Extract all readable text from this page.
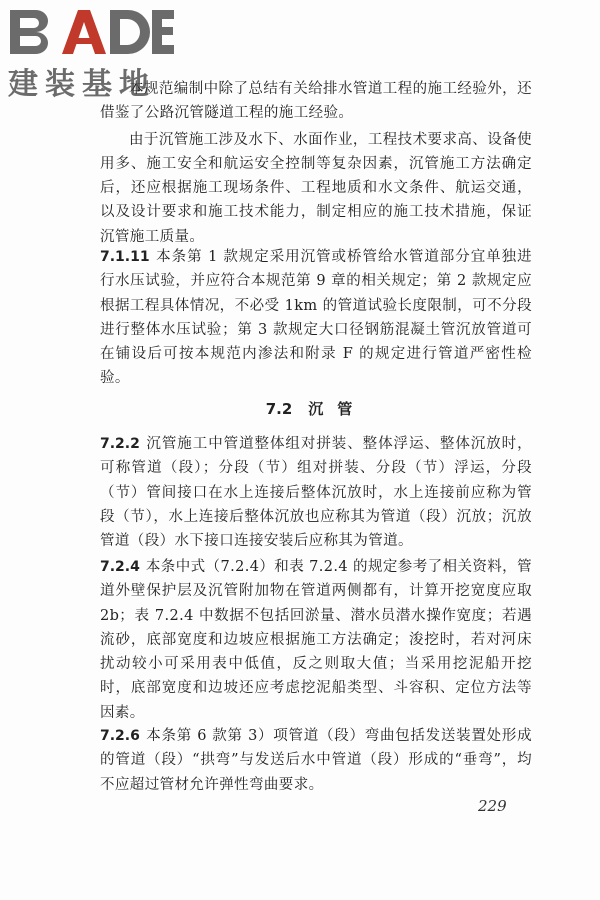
建装基地

本规范编制中除了总结有关给排水管道工程的施工经验外，还借鉴了公路沉管隧道工程的施工经验。

由于沉管施工涉及水下、水面作业，工程技术要求高、设备使用多、施工安全和航运安全控制等复杂因素，沉管施工方法确定后，还应根据施工现场条件、工程地质和水文条件、航运交通，以及设计要求和施工技术能力，制定相应的施工技术措施，保证沉管施工质量。

7.1.11 本条第 1 款规定采用沉管或桥管给水管道部分宜单独进行水压试验，并应符合本规范第 9 章的相关规定；第 2 款规定应根据工程具体情况，不必受 1km 的管道试验长度限制，可不分段进行整体水压试验；第 3 款规定大口径钢筋混凝土管沉放管道可在铺设后可按本规范内渗法和附录 F 的规定进行管道严密性检验。

7.2 沉管

7.2.2 沉管施工中管道整体组对拼装、整体浮运、整体沉放时，可称管道（段）；分段（节）组对拼装、分段（节）浮运，分段（节）管间接口在水上连接后整体沉放时，水上连接前应称为管段（节），水上连接后整体沉放也应称其为管道（段）沉放；沉放管道（段）水下接口连接安装后应称其为管道。

7.2.4 本条中式（7.2.4）和表 7.2.4 的规定参考了相关资料，管道外壁保护层及沉管附加物在管道两侧都有，计算开挖宽度应取 2b；表 7.2.4 中数据不包括回淤量、潜水员潜水操作宽度；若遇流砂，底部宽度和边坡应根据施工方法确定；浚挖时，若对河床扰动较小可采用表中低值，反之则取大值；当采用挖泥船开挖时，底部宽度和边坡还应考虑挖泥船类型、斗容积、定位方法等因素。

7.2.6 本条第 6 款第 3）项管道（段）弯曲包括发送装置处形成的管道（段）“拱弯”与发送后水中管道（段）形成的“垂弯”，均不应超过管材允许弹性弯曲要求。

229
